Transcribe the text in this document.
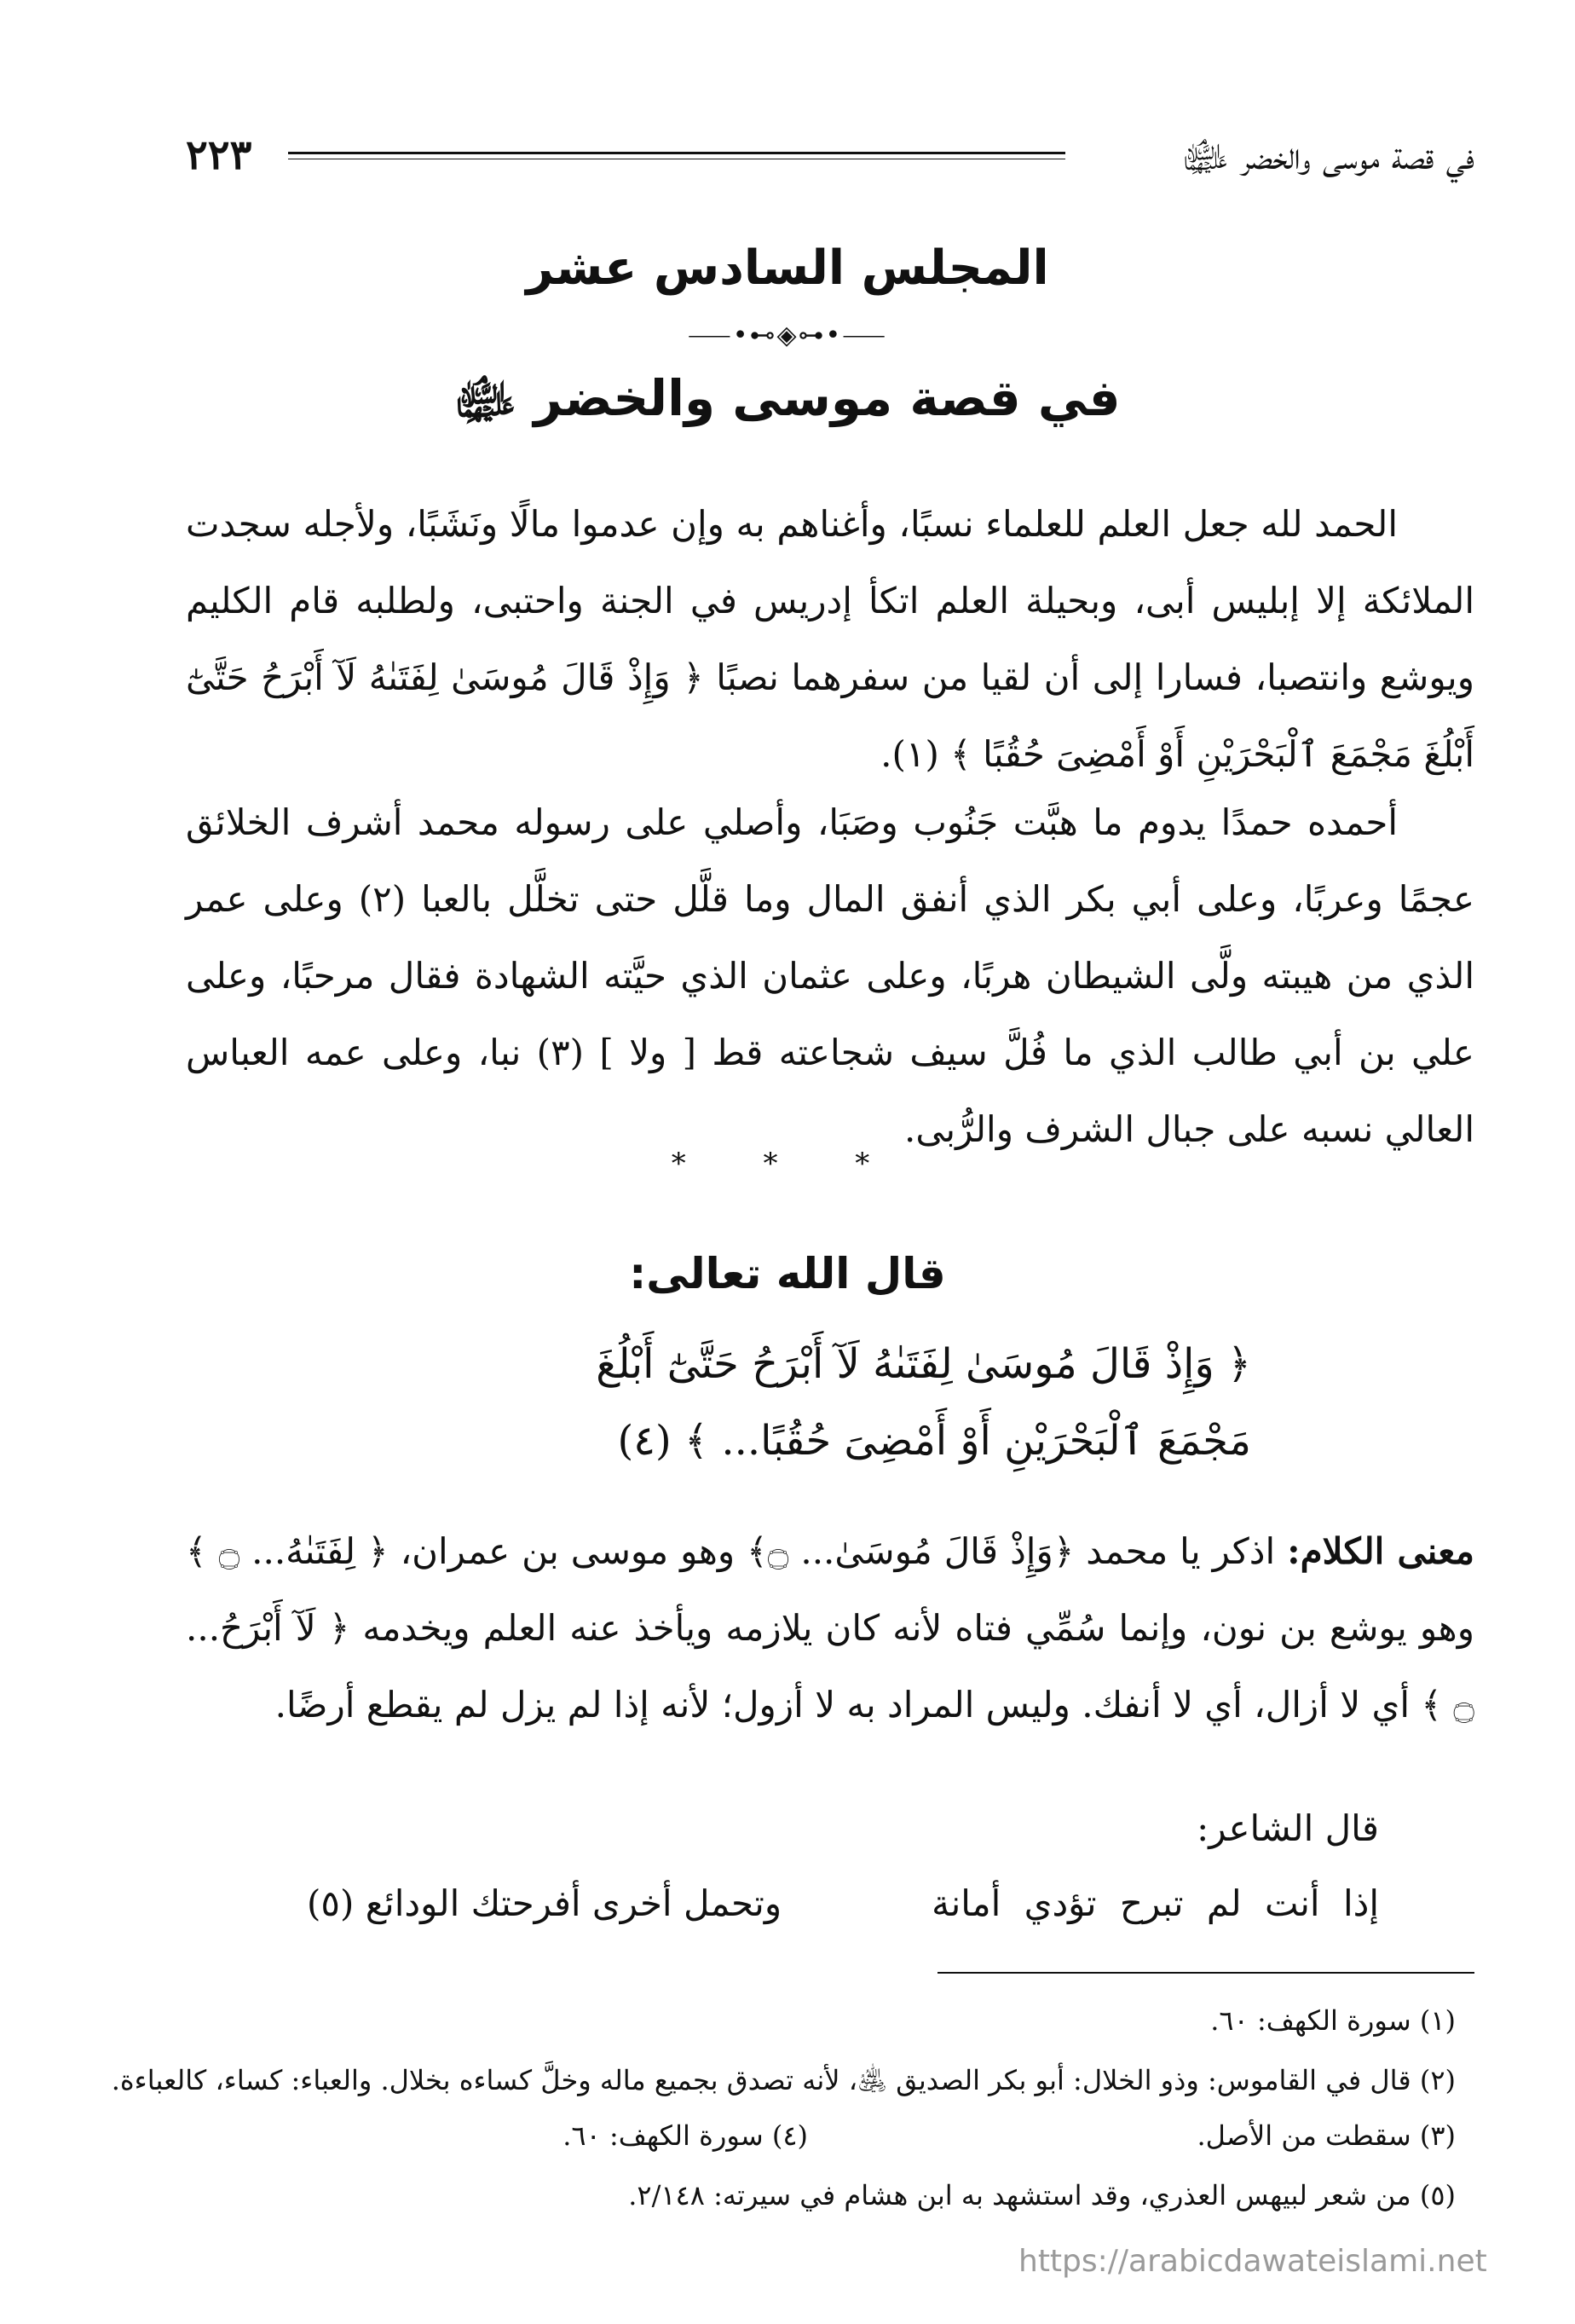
في قصة موسى والخضر ﵉
٢٢٣
المجلس السادس عشر
⸺•⊷◈⊶•⸺
في قصة موسى والخضر ﵉
الحمد لله جعل العلم للعلماء نسبًا، وأغناهم به وإن عدموا مالًا ونَشَبًا، ولأجله سجدت الملائكة إلا إبليس أبى، وبحيلة العلم اتكأ إدريس في الجنة واحتبى، ولطلبه قام الكليم ويوشع وانتصبا، فسارا إلى أن لقيا من سفرهما نصبًا ﴿ وَإِذْ قَالَ مُوسَىٰ لِفَتَىٰهُ لَآ أَبْرَحُ حَتَّىٰٓ أَبْلُغَ مَجْمَعَ ٱلْبَحْرَيْنِ أَوْ أَمْضِىَ حُقُبًا ﴾ (١).
أحمده حمدًا يدوم ما هبَّت جَنُوب وصَبَا، وأصلي على رسوله محمد أشرف الخلائق عجمًا وعربًا، وعلى أبي بكر الذي أنفق المال وما قلَّل حتى تخلَّل بالعبا (٢) وعلى عمر الذي من هيبته ولَّى الشيطان هربًا، وعلى عثمان الذي حيَّته الشهادة فقال مرحبًا، وعلى علي بن أبي طالب الذي ما فُلَّ سيف شجاعته قط [ ولا ] (٣) نبا، وعلى عمه العباس العالي نسبه على جبال الشرف والرُّبى.
* * *
قال الله تعالى:
﴿ وَإِذْ قَالَ مُوسَىٰ لِفَتَىٰهُ لَآ أَبْرَحُ حَتَّىٰٓ أَبْلُغَ
مَجْمَعَ ٱلْبَحْرَيْنِ أَوْ أَمْضِىَ حُقُبًا... ﴾ (٤)
معنى الكلام: اذكر يا محمد ﴿وَإِذْ قَالَ مُوسَىٰ... ۝﴾ وهو موسى بن عمران، ﴿ لِفَتَىٰهُ... ۝ ﴾ وهو يوشع بن نون، وإنما سُمِّي فتاه لأنه كان يلازمه ويأخذ عنه العلم ويخدمه ﴿ لَآ أَبْرَحُ... ۝ ﴾ أي لا أزال، أي لا أنفك. وليس المراد به لا أزول؛ لأنه إذا لم يزل لم يقطع أرضًا.
قال الشاعر:
إذا أنت لم تبرح تؤدي أمانة
وتحمل أخرى أفرحتك الودائع (٥)
(١) سورة الكهف: ٦٠.
(٢) قال في القاموس: وذو الخلال: أبو بكر الصديق ﵁، لأنه تصدق بجميع ماله وخلَّ كساءه بخلال. والعباء: كساء، كالعباءة.
(٣) سقطت من الأصل.
(٤) سورة الكهف: ٦٠.
(٥) من شعر لبيهس العذري، وقد استشهد به ابن هشام في سيرته: ٢/١٤٨.
https://arabicdawateislami.net
